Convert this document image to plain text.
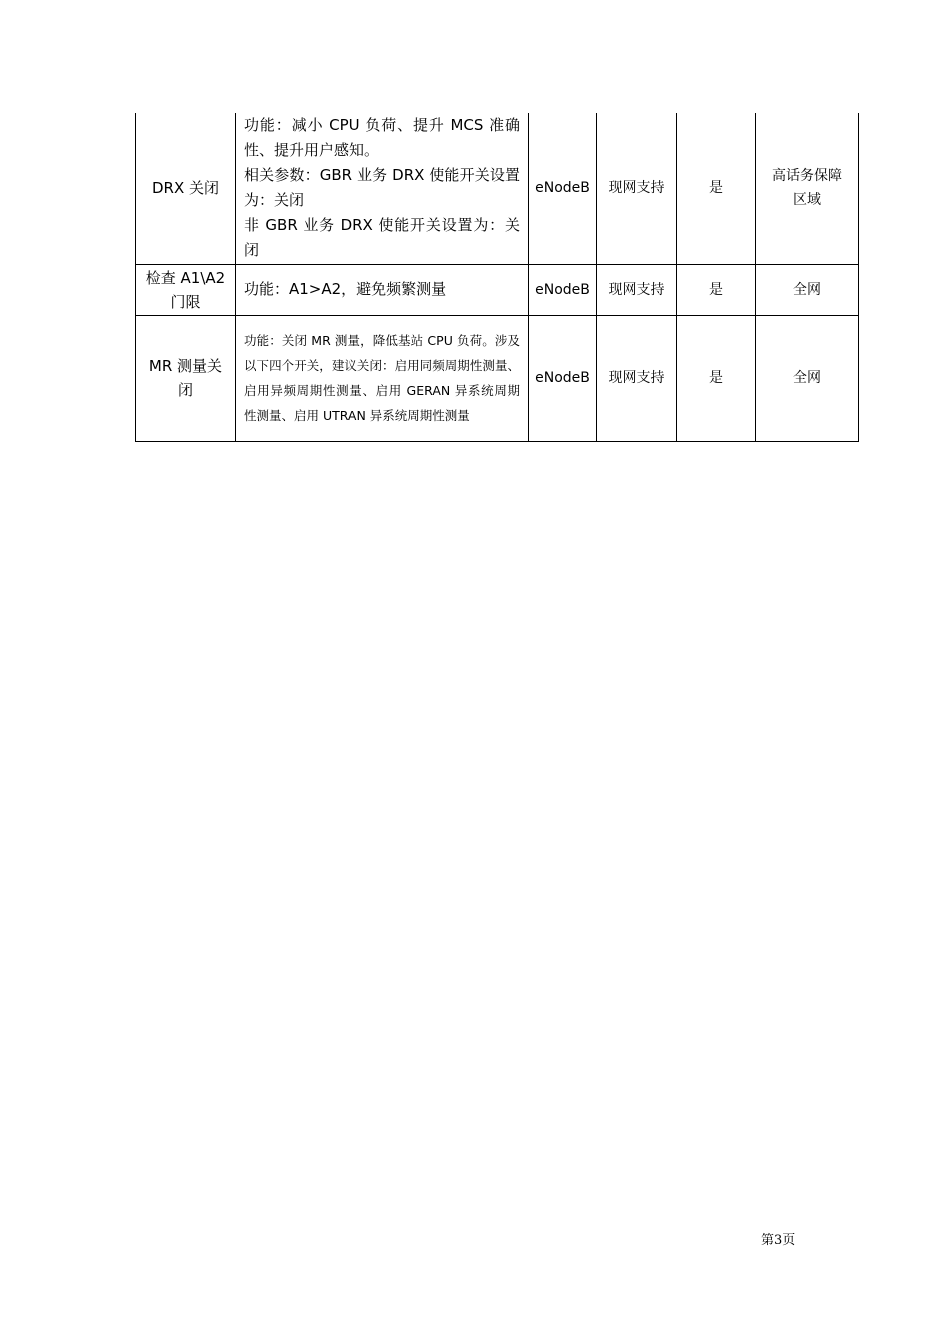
DRX 关闭	功能：减小 CPU 负荷、提升 MCS 准确性、提升用户感知。
相关参数：GBR 业务 DRX 使能开关设置为：关闭
非 GBR 业务 DRX 使能开关设置为：关闭	eNodeB	现网支持	是	高话务保障区域
检查 A1\A2 门限	功能：A1>A2，避免频繁测量	eNodeB	现网支持	是	全网
MR 测量关闭	功能：关闭 MR 测量，降低基站 CPU 负荷。涉及以下四个开关，建议关闭：启用同频周期性测量、启用异频周期性测量、启用 GERAN 异系统周期性测量、启用 UTRAN 异系统周期性测量	eNodeB	现网支持	是	全网
第3页
